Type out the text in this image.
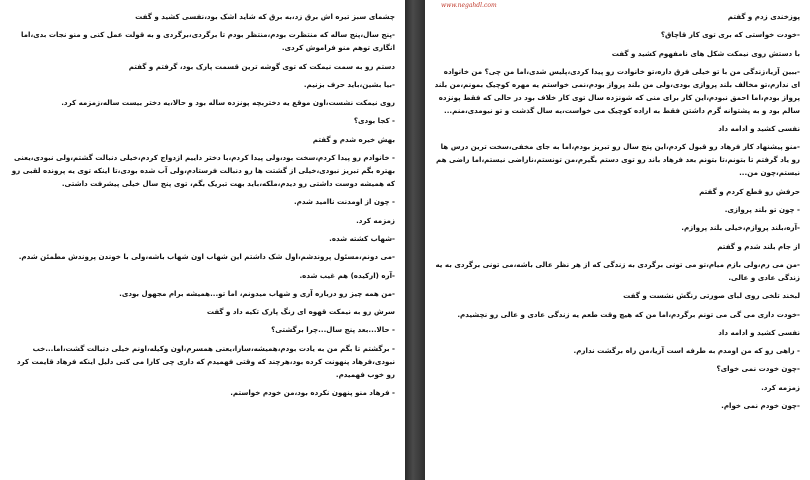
چشمای سبز تیره اش برق زد،به برق که شاید اشک بود،نفسی کشید و گفت

-پنج سال،پنج ساله که منتظرت بودم،منتظر بودم تا برگردی،برگردی و به قولت عمل کنی و منو نجات بدی،اما انگاری توهم منو فراموش کردی.

دستم رو به سمت نیمکت که توی گوشه ترین قسمت پارک بود، گرفتم و گفتم

-بیا بشین،باید حرف بزنیم.

روی نیمکت نشست،اون موقع یه دختربچه پونزده ساله بود و حالا،یه دختر بیست ساله،زمزمه کرد.

- کجا بودی؟

بهش خیره شدم و گفتم

- خانوادم رو پیدا کردم،سخت بود،ولی پیدا کردم،با دختر داییم ازدواج کردم،خیلی دنبالت گشتم،ولی نبودی،یعنی بهتره بگم تبریز نبودی،خیلی از گشتت ها رو دنبالت فرستادم،ولی آب شده بودی،تا اینکه توی یه پرونده لقبی رو که همیشه دوست داشتی رو دیدم،ملکه،باید بهت تبریک بگم، توی پنج سال خیلی پیشرفت داشتی.

- چون از اومدنت ناامید شدم.

زمزمه کرد.

-شهاب کشته شده.

-می دونم،مسئول پروندشم،اول شک داشتم این شهاب اون شهاب باشه،ولی با خوندن پروندش مطمئن شدم.

-آره (ارکیده) هم غیب شده.

-من همه چیز رو درباره آری و شهاب میدونم، اما تو...همیشه برام مجهول بودی.

سرش رو به نیمکت قهوه ای رنگ پارک تکیه داد و گفت

- حالا...بعد پنج سال...چرا برگشتی؟

- برگشتم تا بگم من به یادت بودم،همیشه،سارا،یعنی همسرم،اون وکیله،اونم خیلی دنبالت گشت،اما...خب نبودی،فرهاد پنهونت کرده بود،هرچند که وقتی فهمیدم که داری چی کارا می کنی دلیل اینکه فرهاد قایمت کرد رو خوب فهمیدم.

- فرهاد منو پنهون نکرده بود،من خودم خواستم.

www.negahdl.com

پوزخندی زدم و گفتم

-خودت خواستی که بری توی کار قاچاق؟

با دستش روی نیمکت شکل های نامفهوم کشید و گفت

-ببین آریا،زندگی من با تو خیلی فرق داره،تو خانوادت رو پیدا کردی،پلیس شدی،اما من چی؟ من خانواده ای ندارم،تو مخالف بلند پروازی بودی،ولی من بلند پرواز بودم،نمی خواستم یه مهره کوچیک بمونم،من بلند پرواز بودم،اما احمق نبودم،این کار برای منی که شونزده سال توی کار خلاف بود در حالی که فقط پونزده سالم بود و به پشتوانه گرم داشتن فقط به اراده کوچیک می خواست،یه سال گذشت و تو نیومدی،منم...

نفسی کشید و ادامه داد

-منو پیشنهاد کار فرهاد رو قبول کردم،این پنج سال رو تبریز بودم،اما به جای مخفی،سخت ترین درس ها رو یاد گرفتم تا بتونم،تا بتونم بعد فرهاد باند رو توی دستم بگیرم،من تونستم،ناراضی نیستم،اما راضی هم نیستم،چون من...

حرفش رو قطع کردم و گفتم

- چون تو بلند پروازی.

-آره،بلند پروازم،خیلی بلند پروازم.

از جام بلند شدم و گفتم

-من می رم،ولی بازم میام،تو می تونی برگردی به زندگی که از هر نظر عالی باشه،می تونی برگردی به یه زندگی عادی و عالی.

لبخند تلخی روی لبای صورتی رنگش نشست و گفت

-خودت داری می گی می تونم برگردم،اما من که هیچ وقت طعم یه زندگی عادی و عالی رو نچشیدم.

نفسی کشید و ادامه داد

- راهی رو که من اومدم به طرفه است آریا،من راه برگشت ندارم.

-چون خودت نمی خوای؟

زمزمه کرد.

-چون خودم نمی خوام.
